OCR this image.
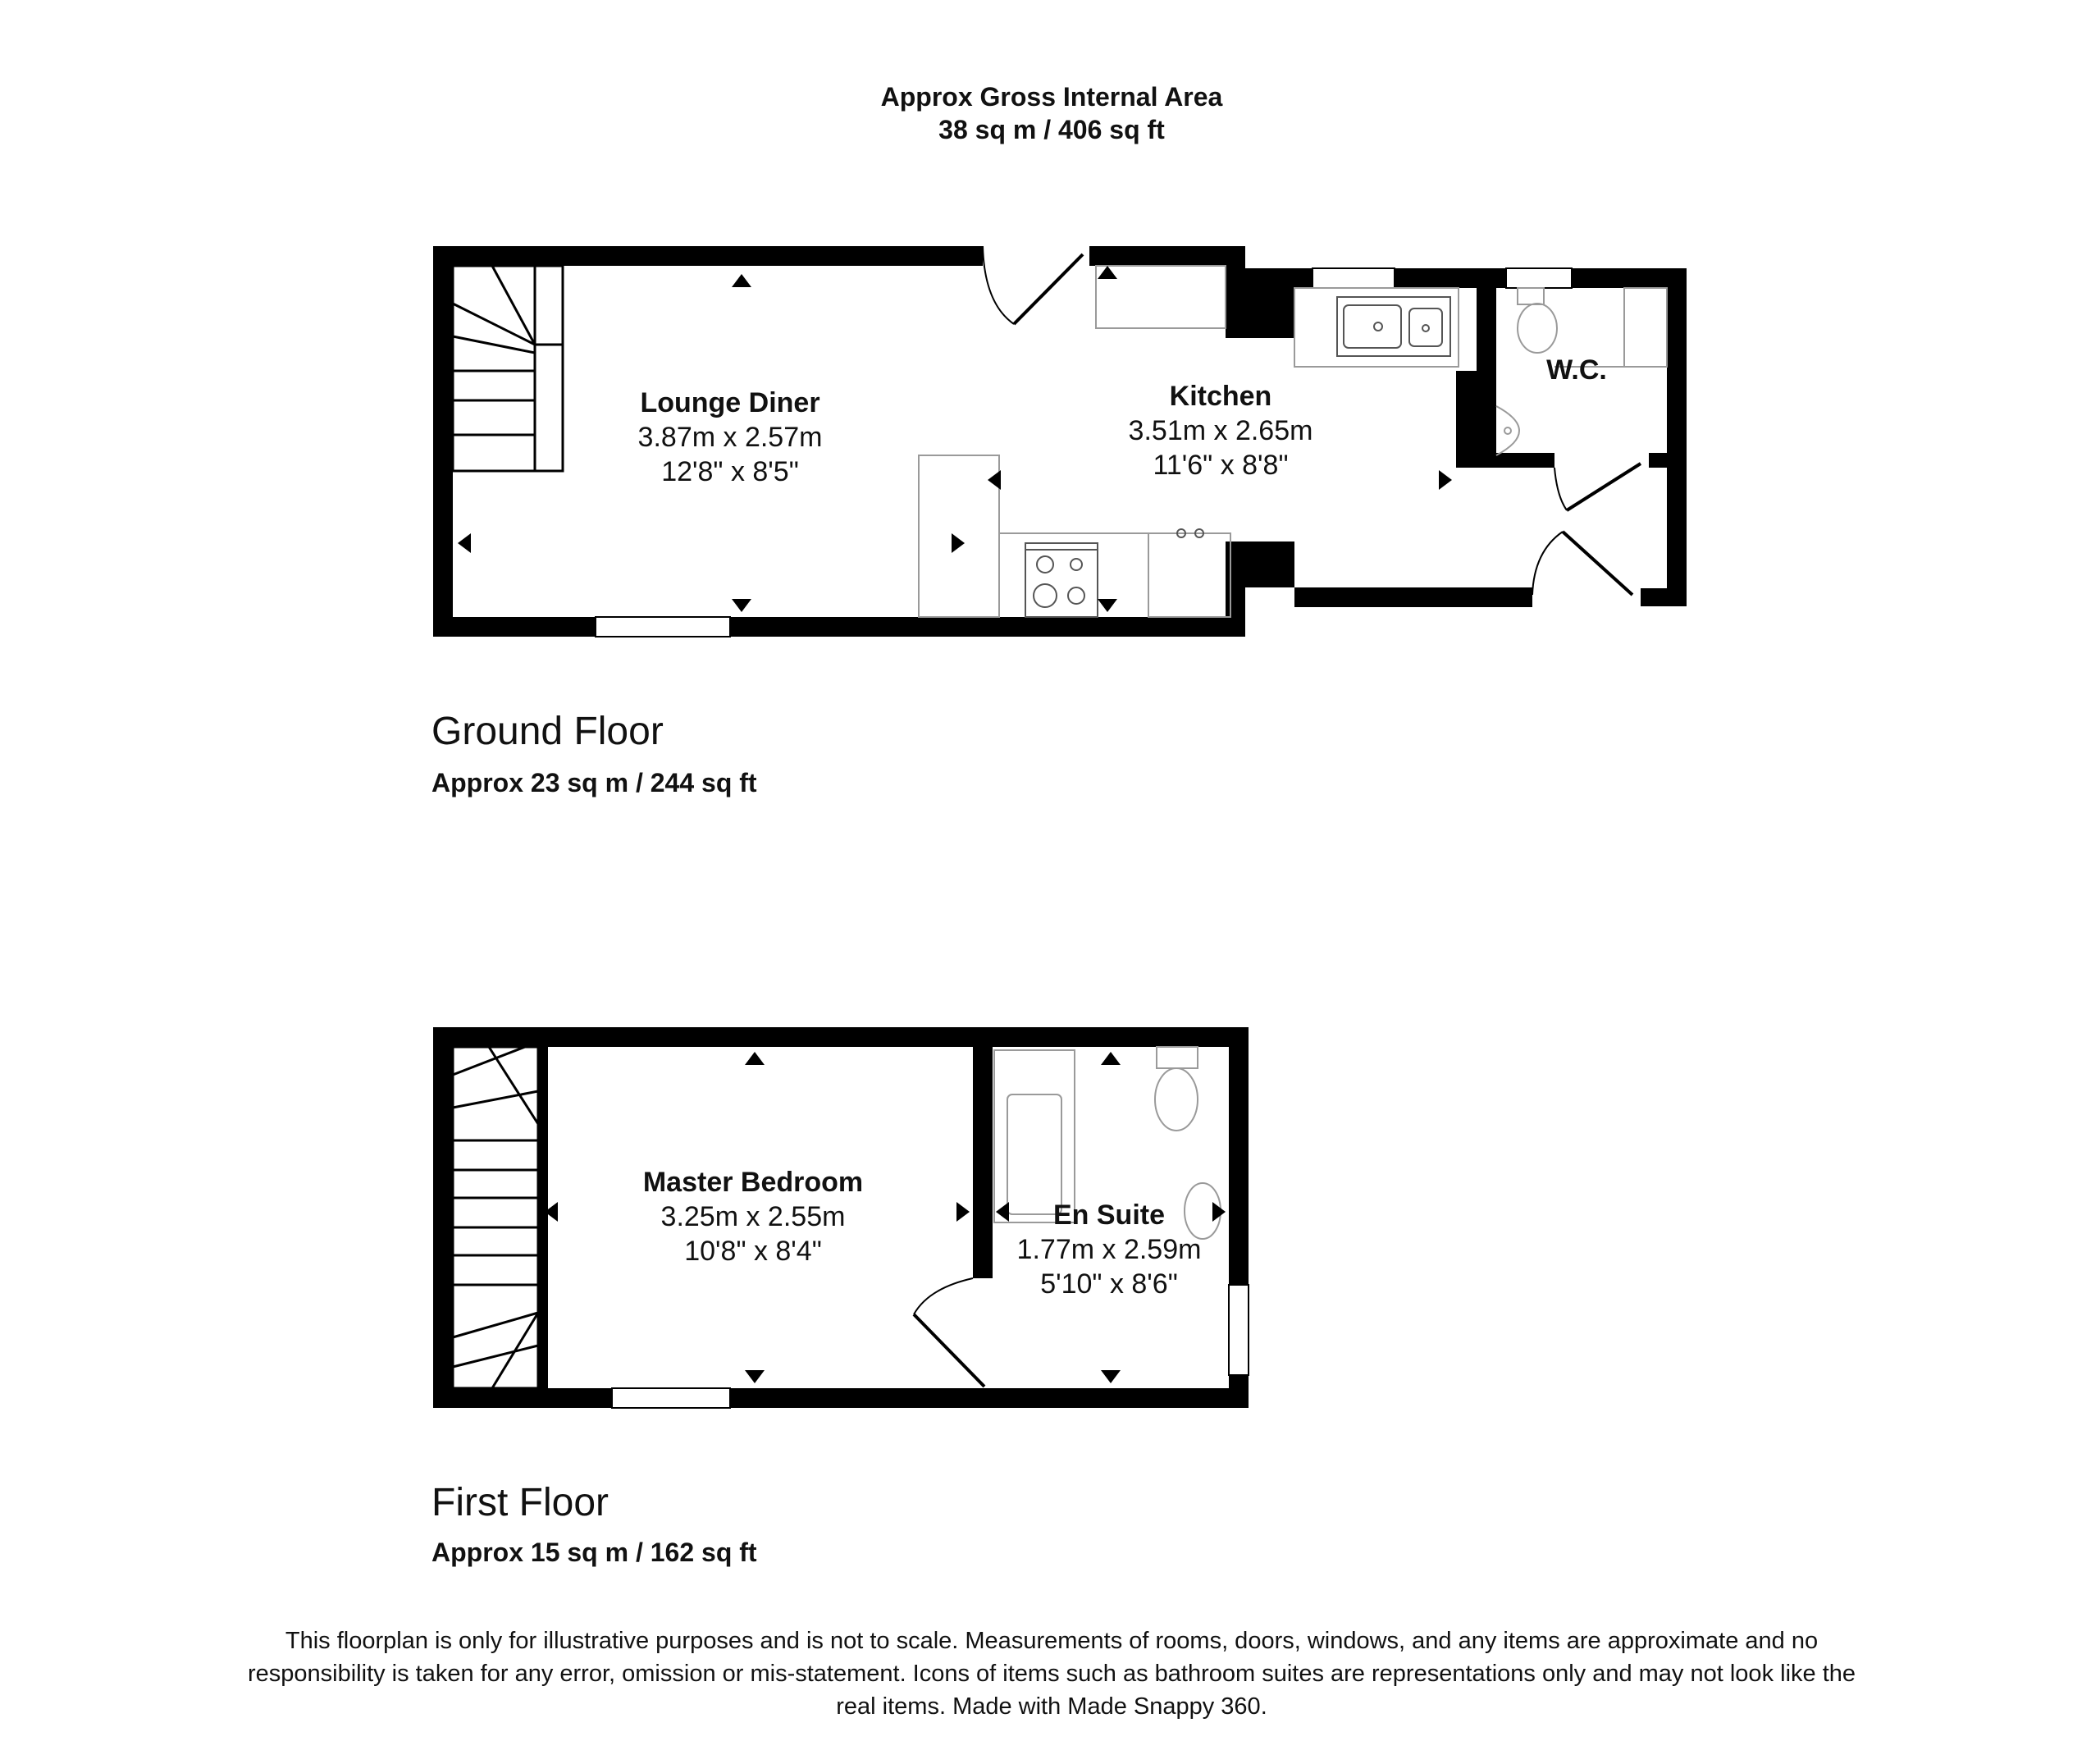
Approx Gross Internal Area
38 sq m / 406 sq ft
Lounge Diner
3.87m x 2.57m
12'8" x 8'5"
Kitchen
3.51m x 2.65m
11'6" x 8'8"
W.C.
Ground Floor
Approx 23 sq m / 244 sq ft
Master Bedroom
3.25m x 2.55m
10'8" x 8'4"
En Suite
1.77m x 2.59m
5'10" x 8'6"
First Floor
Approx 15 sq m / 162 sq ft
This floorplan is only for illustrative purposes and is not to scale. Measurements of rooms, doors, windows, and any items are approximate and no responsibility is taken for any error, omission or mis-statement. Icons of items such as bathroom suites are representations only and may not look like the real items. Made with Made Snappy 360.
